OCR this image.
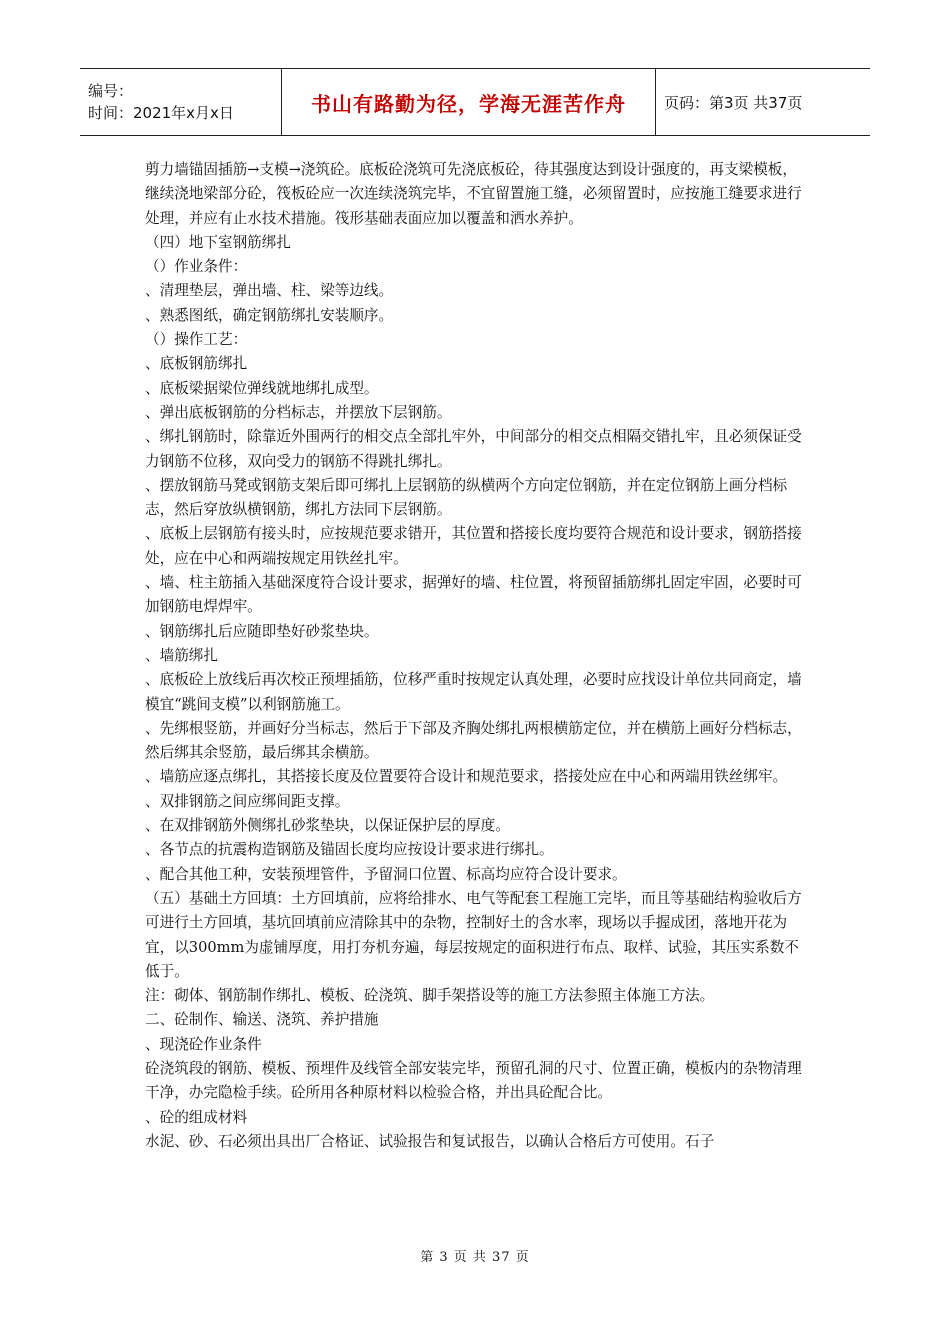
编号：
时间：2021年x月x日	书山有路勤为径，学海无涯苦作舟	页码：第3页 共37页

剪力墙锚固插筋→支模→浇筑砼。底板砼浇筑可先浇底板砼，待其强度达到设计强度的，再支梁模板，继续浇地梁部分砼，筏板砼应一次连续浇筑完毕，不宜留置施工缝，必须留置时，应按施工缝要求进行处理，并应有止水技术措施。筏形基础表面应加以覆盖和洒水养护。

（四）地下室钢筋绑扎

（）作业条件：

、清理垫层，弹出墙、柱、梁等边线。

、熟悉图纸，确定钢筋绑扎安装顺序。

（）操作工艺：

、底板钢筋绑扎

、底板梁据梁位弹线就地绑扎成型。

、弹出底板钢筋的分档标志，并摆放下层钢筋。

、绑扎钢筋时，除靠近外围两行的相交点全部扎牢外，中间部分的相交点相隔交错扎牢，且必须保证受力钢筋不位移，双向受力的钢筋不得跳扎绑扎。

、摆放钢筋马凳或钢筋支架后即可绑扎上层钢筋的纵横两个方向定位钢筋，并在定位钢筋上画分档标志，然后穿放纵横钢筋，绑扎方法同下层钢筋。

、底板上层钢筋有接头时，应按规范要求错开，其位置和搭接长度均要符合规范和设计要求，钢筋搭接处，应在中心和两端按规定用铁丝扎牢。

、墙、柱主筋插入基础深度符合设计要求，据弹好的墙、柱位置，将预留插筋绑扎固定牢固，必要时可加钢筋电焊焊牢。

、钢筋绑扎后应随即垫好砂浆垫块。

、墙筋绑扎

、底板砼上放线后再次校正预埋插筋，位移严重时按规定认真处理，必要时应找设计单位共同商定，墙模宜“跳间支模”以利钢筋施工。

、先绑根竖筋，并画好分当标志，然后于下部及齐胸处绑扎两根横筋定位，并在横筋上画好分档标志，然后绑其余竖筋，最后绑其余横筋。

、墙筋应逐点绑扎，其搭接长度及位置要符合设计和规范要求，搭接处应在中心和两端用铁丝绑牢。

、双排钢筋之间应绑间距支撑。

、在双排钢筋外侧绑扎砂浆垫块，以保证保护层的厚度。

、各节点的抗震构造钢筋及锚固长度均应按设计要求进行绑扎。

、配合其他工种，安装预埋管件，予留洞口位置、标高均应符合设计要求。

（五）基础土方回填：土方回填前，应将给排水、电气等配套工程施工完毕，而且等基础结构验收后方可进行土方回填，基坑回填前应清除其中的杂物，控制好土的含水率，现场以手握成团，落地开花为宜，以300mm为虚铺厚度，用打夯机夯遍，每层按规定的面积进行布点、取样、试验，其压实系数不低于。

注：砌体、钢筋制作绑扎、模板、砼浇筑、脚手架搭设等的施工方法参照主体施工方法。

二、砼制作、输送、浇筑、养护措施

、现浇砼作业条件

砼浇筑段的钢筋、模板、预埋件及线管全部安装完毕，预留孔洞的尺寸、位置正确，模板内的杂物清理干净，办完隐检手续。砼所用各种原材料以检验合格，并出具砼配合比。

、砼的组成材料

水泥、砂、石必须出具出厂合格证、试验报告和复试报告，以确认合格后方可使用。石子

第 3 页 共 37 页
